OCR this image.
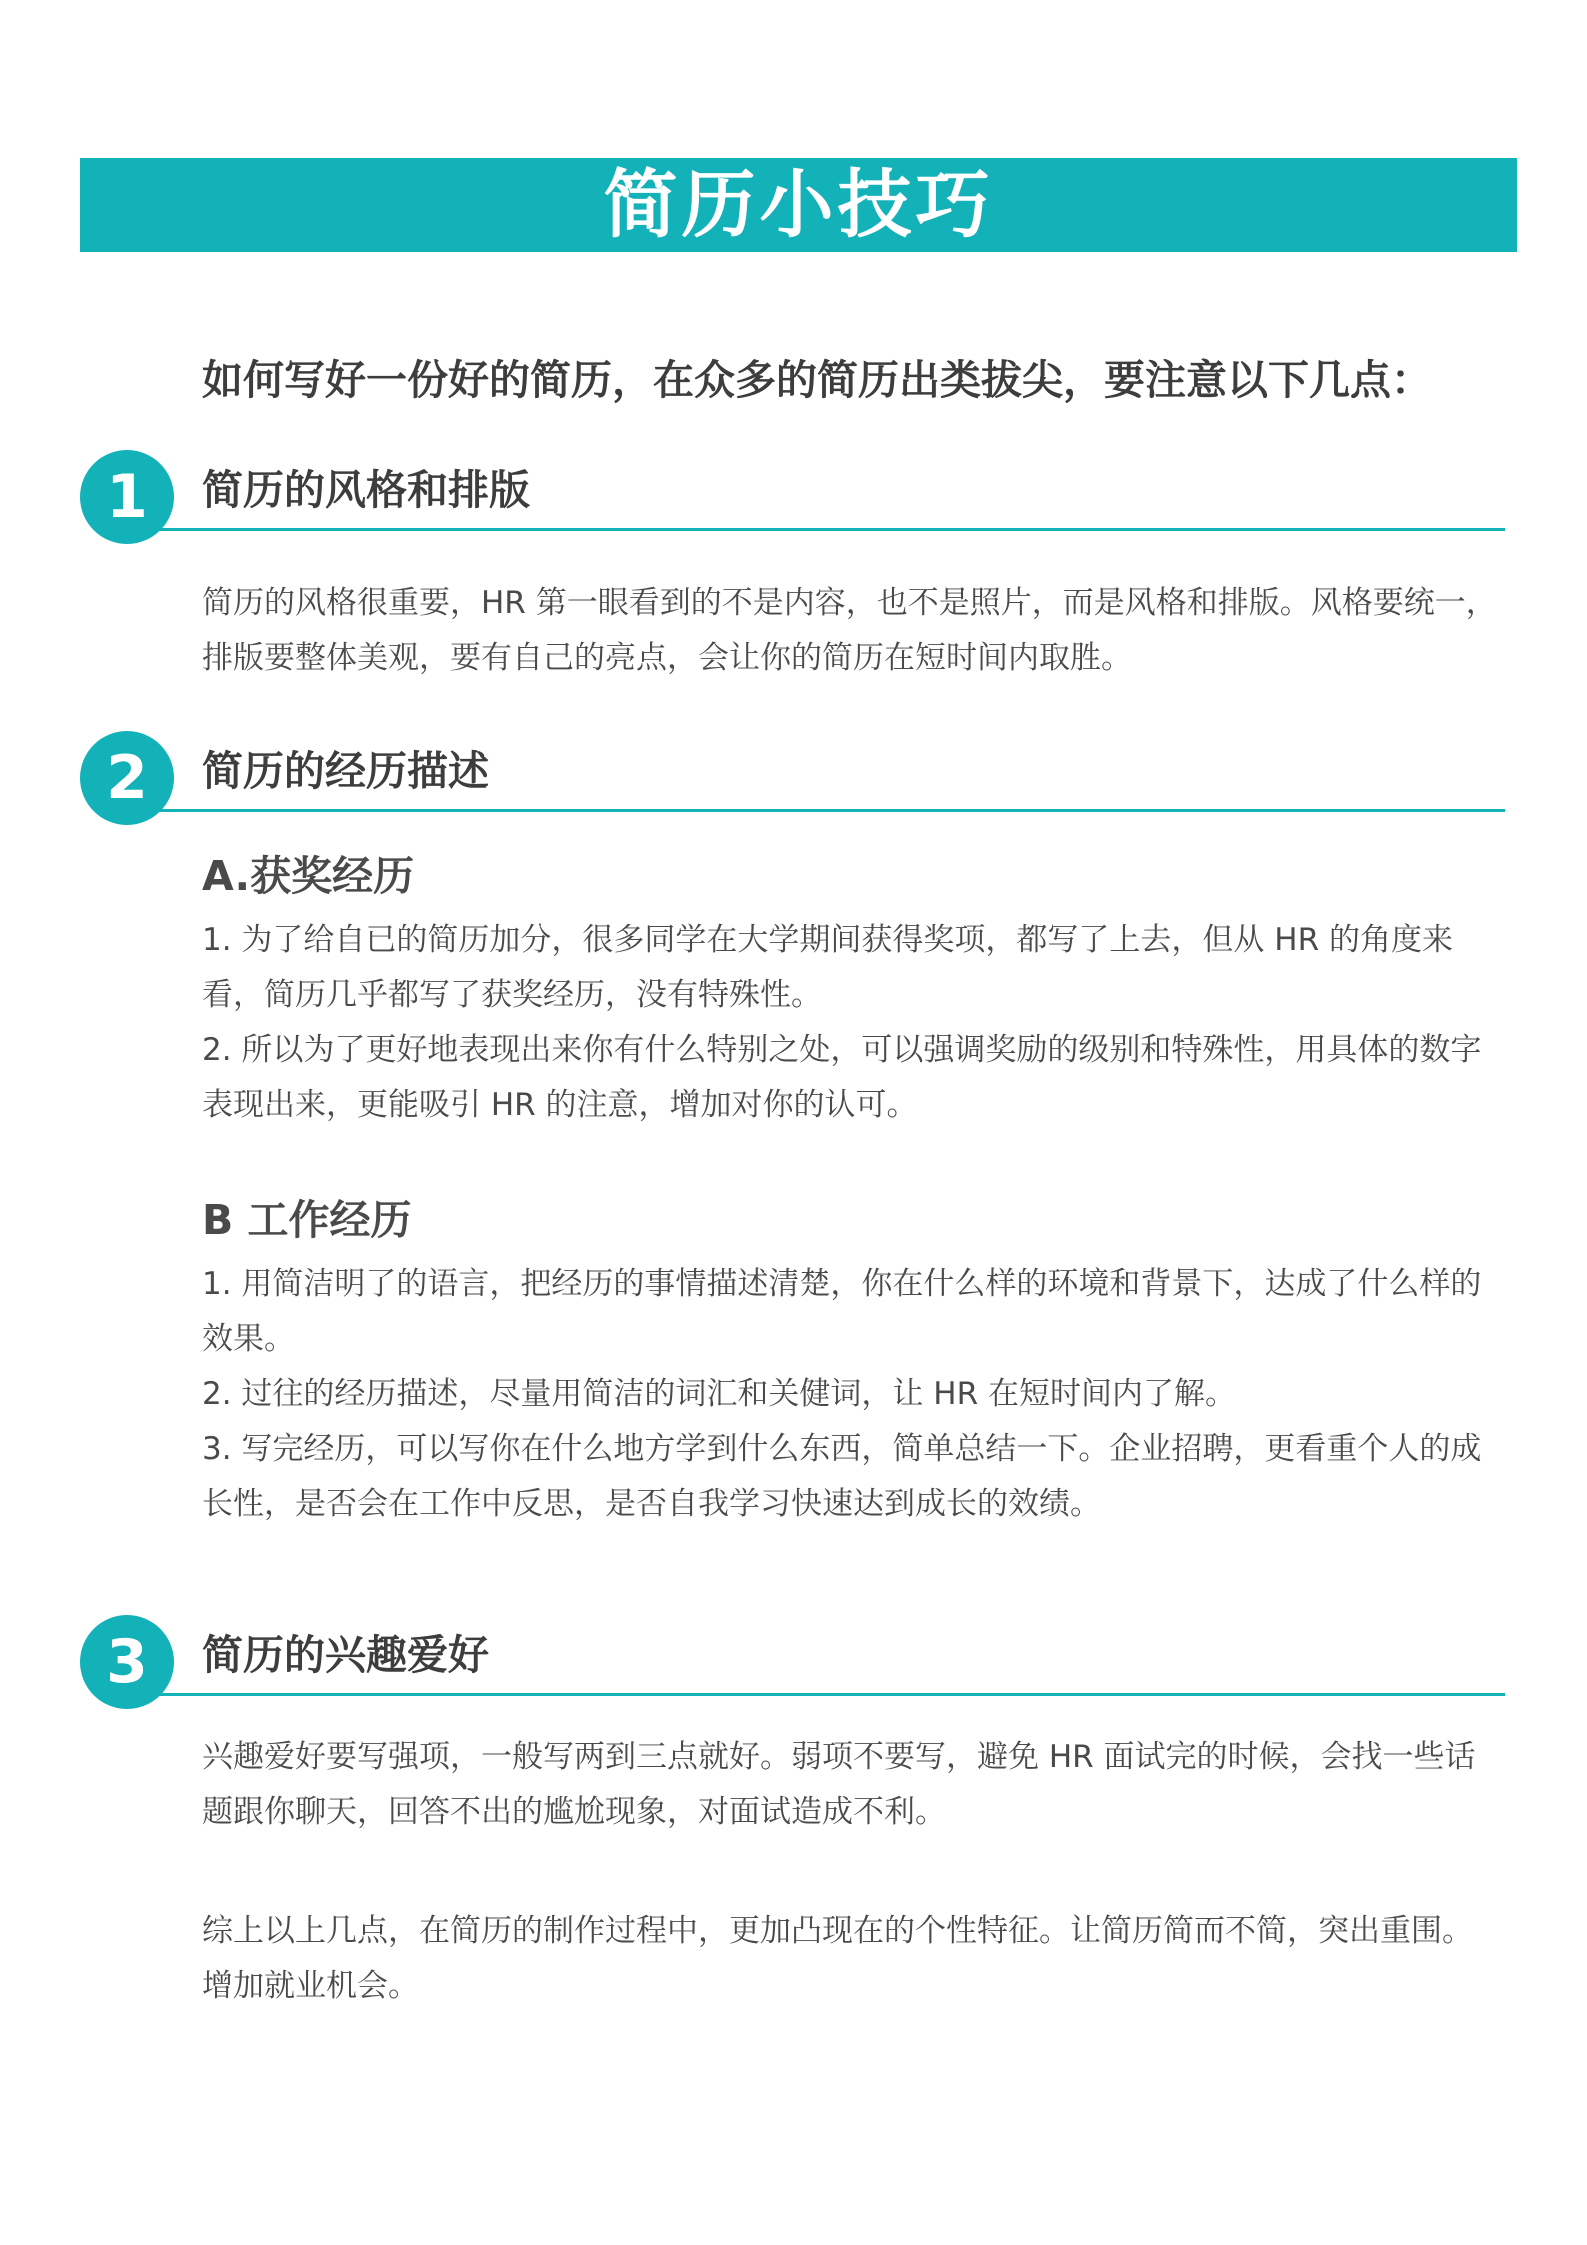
简历小技巧
如何写好一份好的简历，在众多的简历出类拔尖，要注意以下几点：
1	简历的风格和排版

简历的风格很重要，HR 第一眼看到的不是内容，也不是照片，而是风格和排版。风格要统一，排版要整体美观，要有自己的亮点，会让你的简历在短时间内取胜。

2	简历的经历描述
A.获奖经历

1. 为了给自已的简历加分，很多同学在大学期间获得奖项，都写了上去，但从 HR 的角度来看，简历几乎都写了获奖经历，没有特殊性。

2. 所以为了更好地表现出来你有什么特别之处，可以强调奖励的级别和特殊性，用具体的数字表现出来，更能吸引 HR 的注意，增加对你的认可。

B 工作经历

1. 用简洁明了的语言，把经历的事情描述清楚，你在什么样的环境和背景下，达成了什么样的效果。

2. 过往的经历描述，尽量用简洁的词汇和关健词，让 HR 在短时间内了解。

3. 写完经历，可以写你在什么地方学到什么东西，简单总结一下。企业招聘，更看重个人的成长性，是否会在工作中反思，是否自我学习快速达到成长的效绩。

3	简历的兴趣爱好

兴趣爱好要写强项，一般写两到三点就好。弱项不要写，避免 HR 面试完的时候，会找一些话题跟你聊天，回答不出的尴尬现象，对面试造成不利。

综上以上几点，在简历的制作过程中，更加凸现在的个性特征。让简历简而不简，突出重围。增加就业机会。
